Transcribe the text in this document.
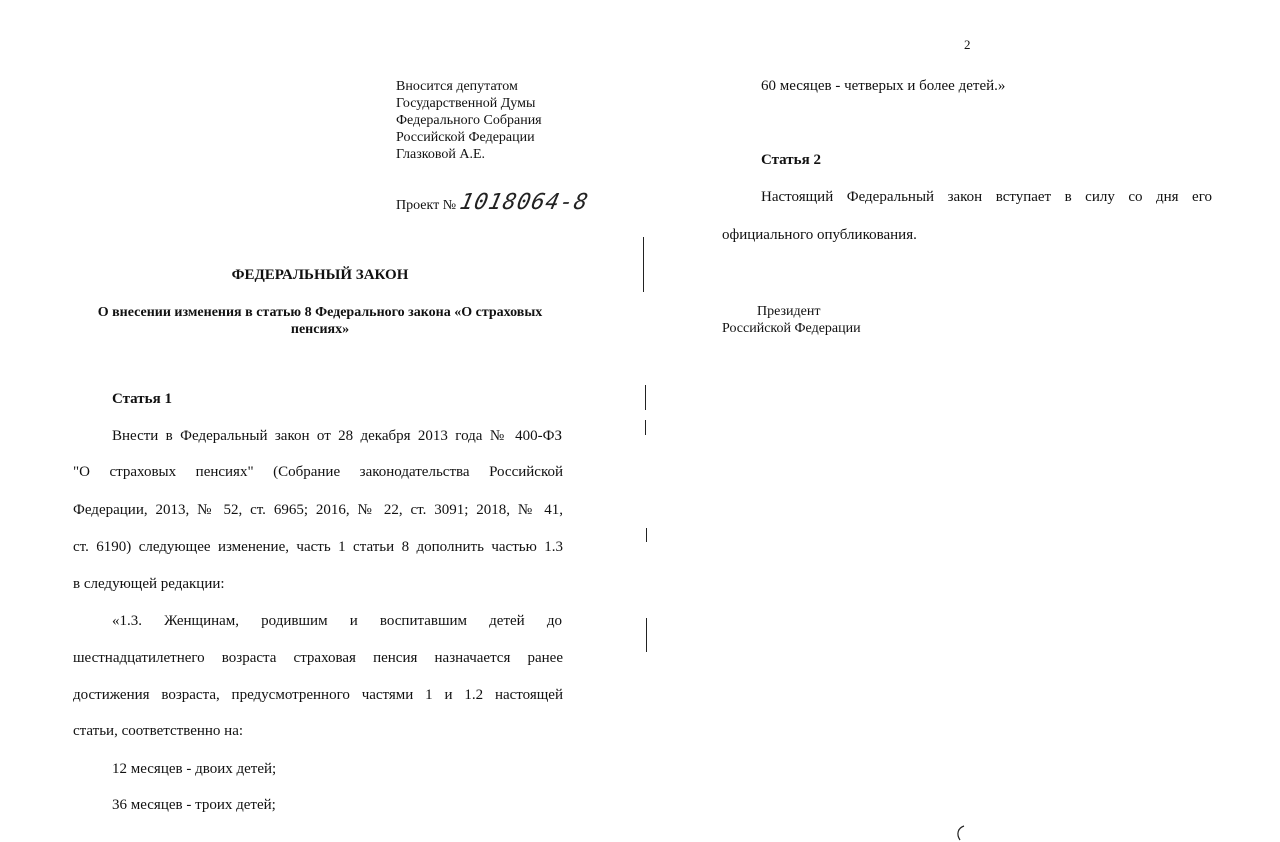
Вносится депутатом
Государственной Думы
Федерального Собрания
Российской Федерации
Глазковой А.Е.
Проект № 1018064-8
ФЕДЕРАЛЬНЫЙ ЗАКОН
О внесении изменения в статью 8 Федерального закона «О страховых
пенсиях»
Статья 1
Внести в Федеральный закон от 28 декабря 2013 года № 400-ФЗ
"О страховых пенсиях" (Собрание законодательства Российской
Федерации, 2013, № 52, ст. 6965; 2016, № 22, ст. 3091; 2018, № 41,
ст. 6190) следующее изменение, часть 1 статьи 8 дополнить частью 1.3
в следующей редакции:
«1.3. Женщинам, родившим и воспитавшим детей до
шестнадцатилетнего возраста страховая пенсия назначается ранее
достижения возраста, предусмотренного частями 1 и 1.2 настоящей
статьи, соответственно на:
12 месяцев - двоих детей;
36 месяцев - троих детей;
2
60 месяцев - четверых и более детей.»
Статья 2
Настоящий Федеральный закон вступает в силу со дня его
официального опубликования.
Президент
Российской Федерации
